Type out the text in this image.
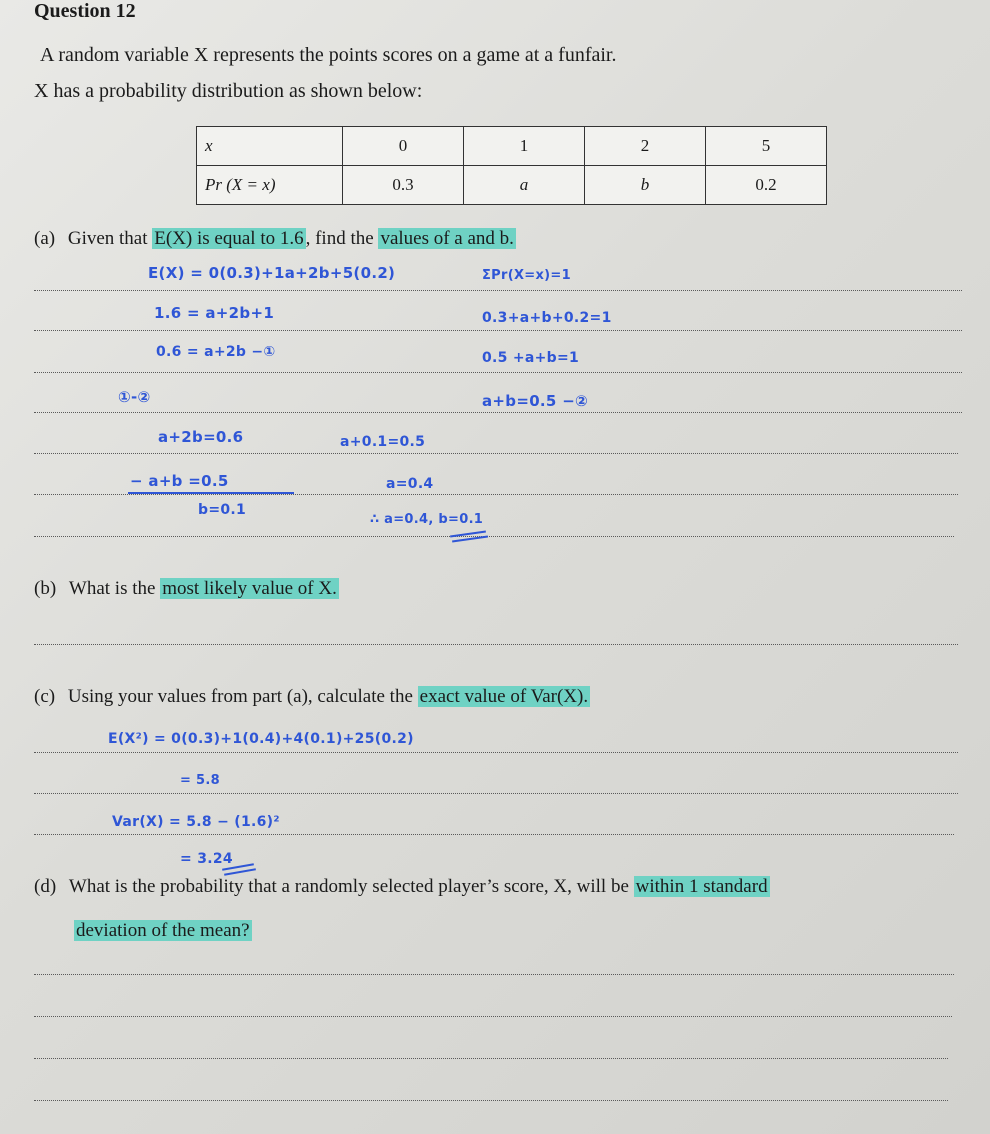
Question 12
A random variable X represents the points scores on a game at a funfair.
X has a probability distribution as shown below:
x	0	1	2	5
Pr (X = x)	0.3	a	b	0.2
(a) Given that E(X) is equal to 1.6 , find the values of a and b.
E(X) = 0(0.3)+1a+2b+5(0.2)	ΣPr(X=x)=1
1.6 = a+2b+1	0.3+a+b+0.2=1
0.6 = a+2b −①	0.5 +a+b=1
①-②	a+b=0.5 −②
a+2b=0.6	a+0.1=0.5
− a+b =0.5	a=0.4
b=0.1
∴ a=0.4, b=0.1
(b) What is the most likely value of X.
(c) Using your values from part (a), calculate the exact value of Var(X).
E(X²) = 0(0.3)+1(0.4)+4(0.1)+25(0.2)
= 5.8
Var(X) = 5.8 − (1.6)²
= 3.24
(d) What is the probability that a randomly selected player’s score, X, will be within 1 standard
deviation of the mean?
